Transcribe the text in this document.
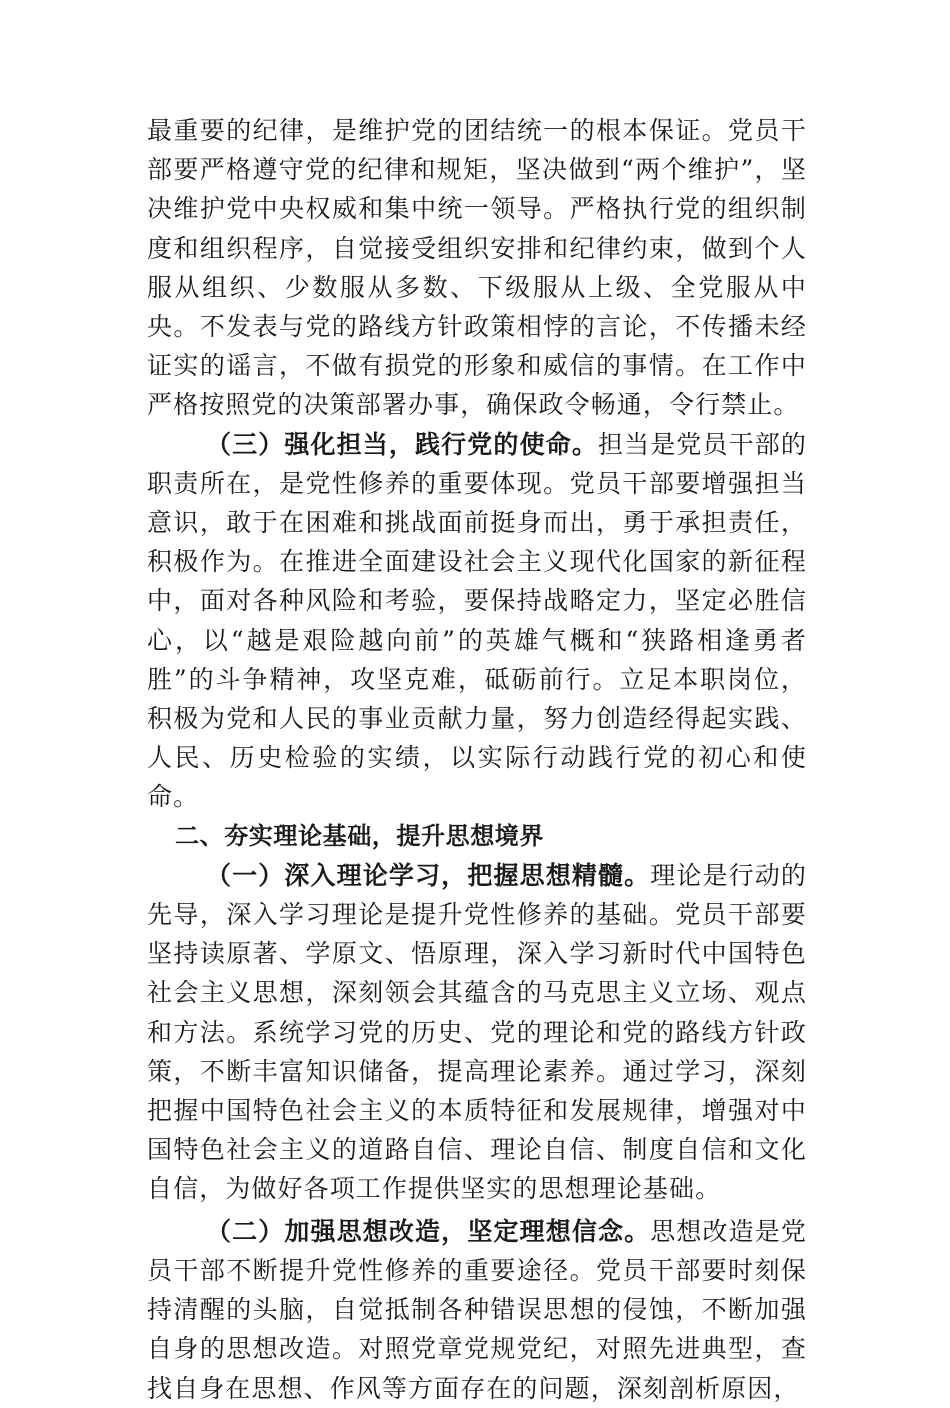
最重要的纪律，是维护党的团结统一的根本保证。党员干部要严格遵守党的纪律和规矩，坚决做到“两个维护”，坚决维护党中央权威和集中统一领导。严格执行党的组织制度和组织程序，自觉接受组织安排和纪律约束，做到个人服从组织、少数服从多数、下级服从上级、全党服从中央。不发表与党的路线方针政策相悖的言论，不传播未经证实的谣言，不做有损党的形象和威信的事情。在工作中严格按照党的决策部署办事，确保政令畅通，令行禁止。

（三）强化担当，践行党的使命。担当是党员干部的职责所在，是党性修养的重要体现。党员干部要增强担当意识，敢于在困难和挑战面前挺身而出，勇于承担责任，积极作为。在推进全面建设社会主义现代化国家的新征程中，面对各种风险和考验，要保持战略定力，坚定必胜信心，以“越是艰险越向前”的英雄气概和“狭路相逢勇者胜”的斗争精神，攻坚克难，砥砺前行。立足本职岗位，积极为党和人民的事业贡献力量，努力创造经得起实践、人民、历史检验的实绩，以实际行动践行党的初心和使命。

二、夯实理论基础，提升思想境界

（一）深入理论学习，把握思想精髓。理论是行动的先导，深入学习理论是提升党性修养的基础。党员干部要坚持读原著、学原文、悟原理，深入学习新时代中国特色社会主义思想，深刻领会其蕴含的马克思主义立场、观点和方法。系统学习党的历史、党的理论和党的路线方针政策，不断丰富知识储备，提高理论素养。通过学习，深刻把握中国特色社会主义的本质特征和发展规律，增强对中国特色社会主义的道路自信、理论自信、制度自信和文化自信，为做好各项工作提供坚实的思想理论基础。

（二）加强思想改造，坚定理想信念。思想改造是党员干部不断提升党性修养的重要途径。党员干部要时刻保持清醒的头脑，自觉抵制各种错误思想的侵蚀，不断加强自身的思想改造。对照党章党规党纪，对照先进典型，查找自身在思想、作风等方面存在的问题，深刻剖析原因，
